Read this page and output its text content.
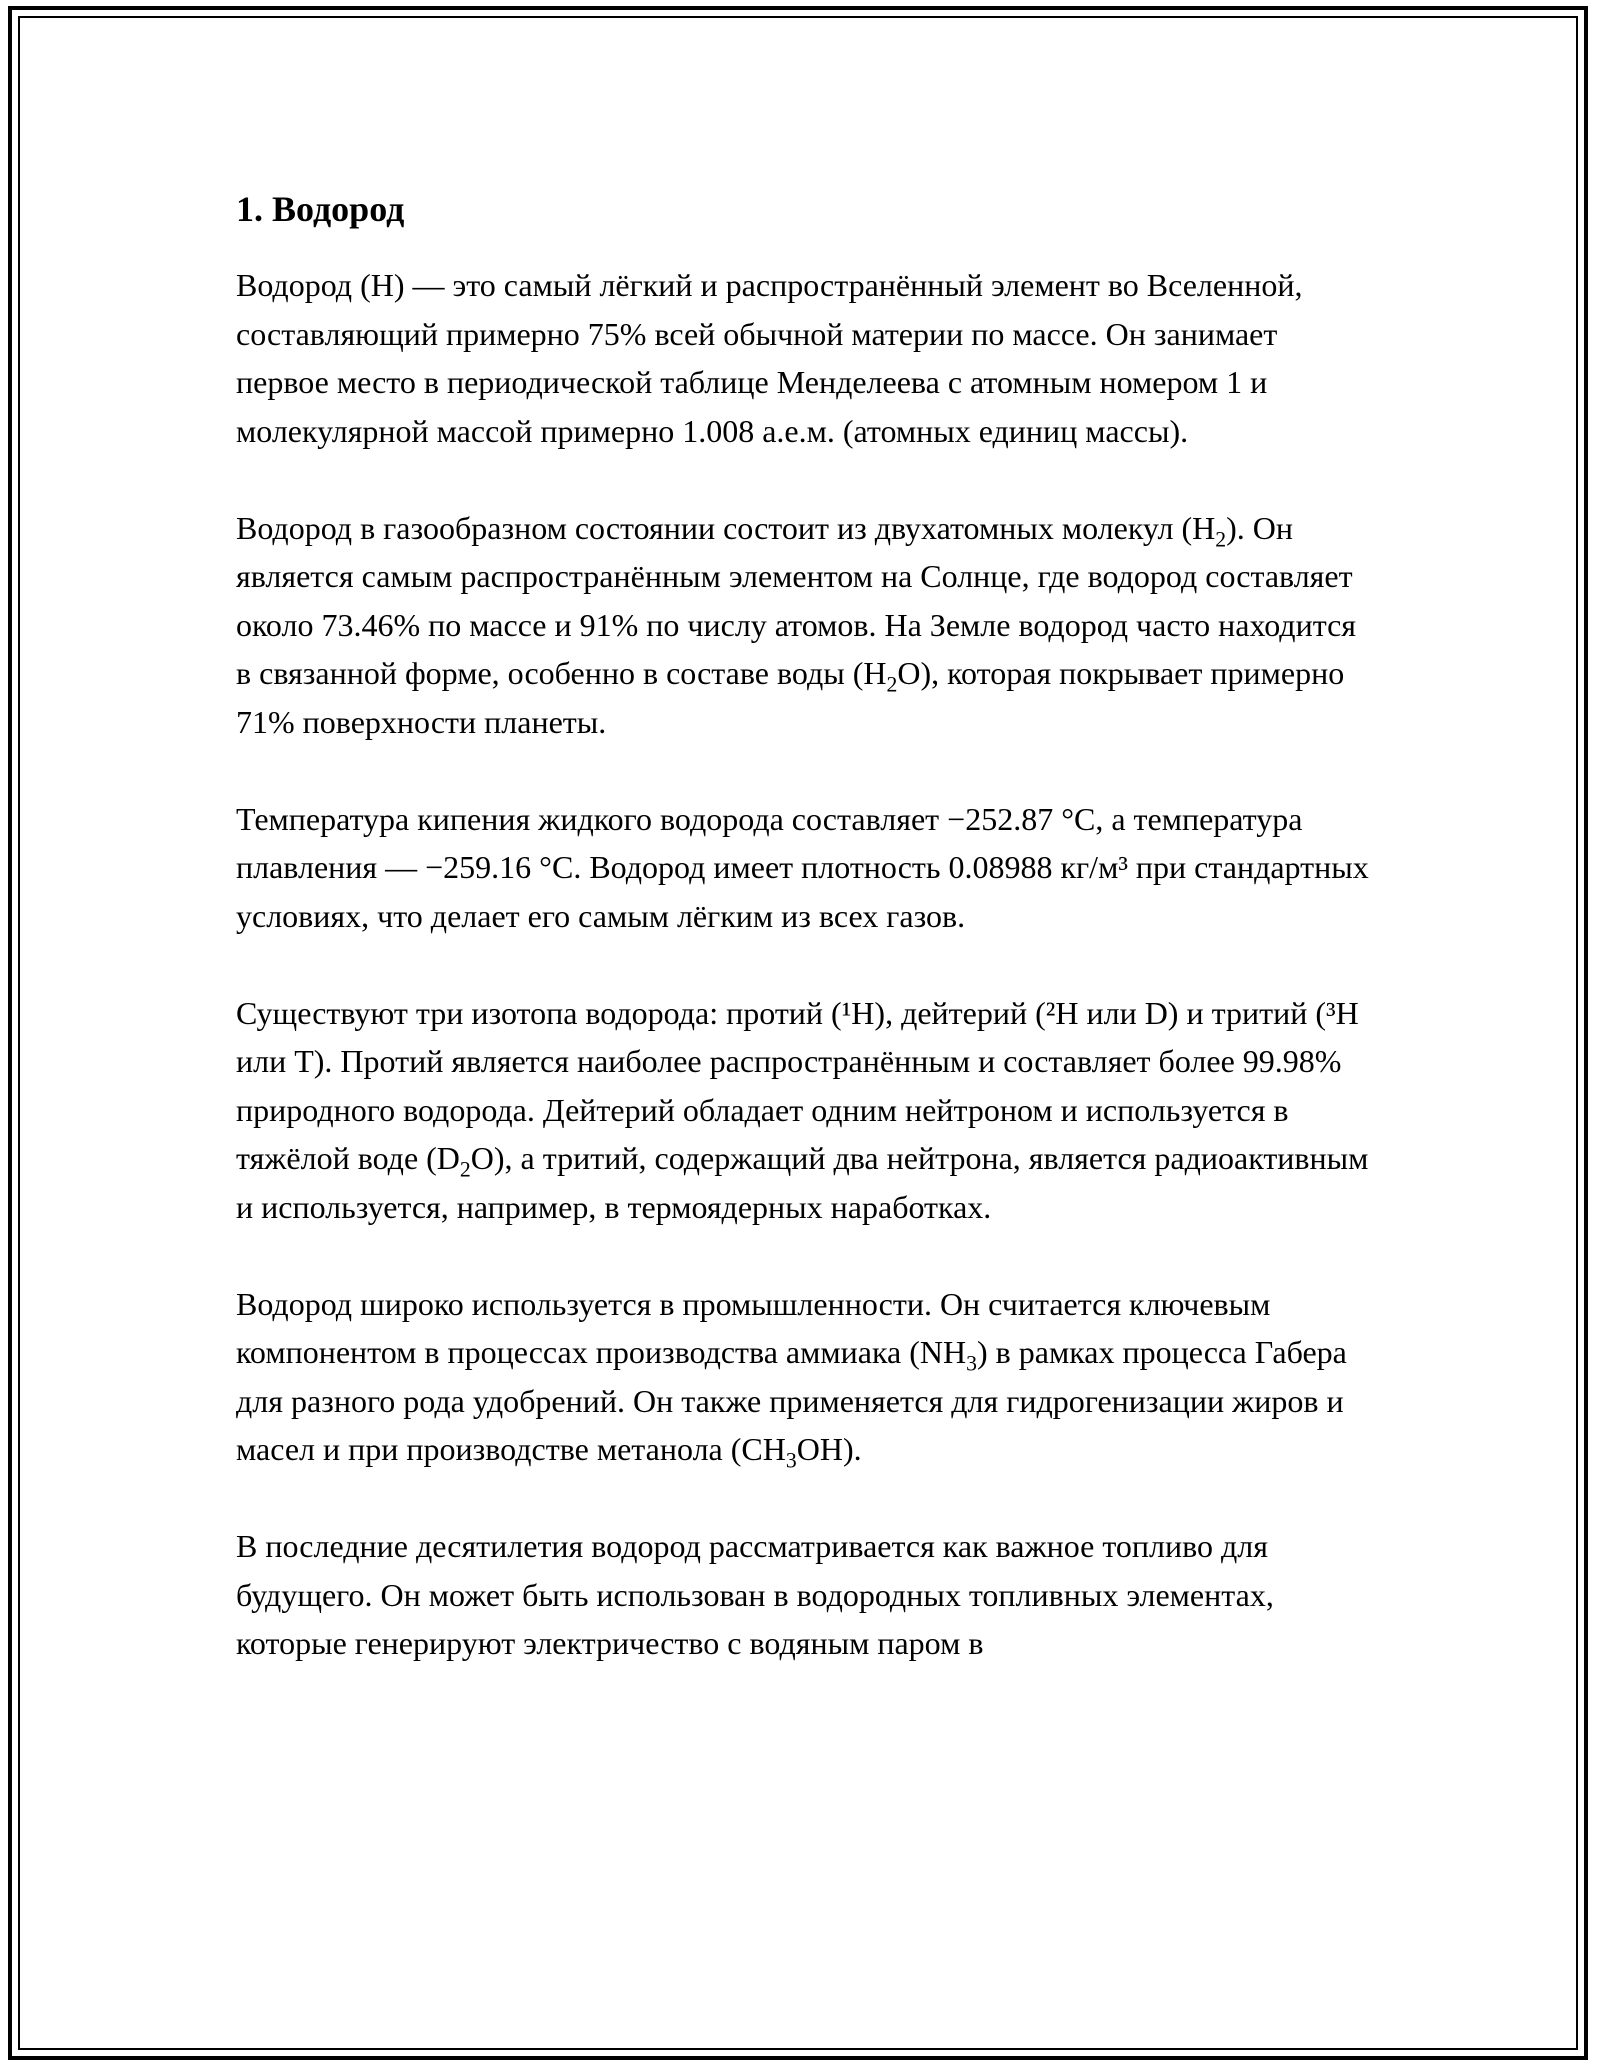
1. Водород

Водород (H) — это самый лёгкий и распространённый элемент во Вселенной, составляющий примерно 75% всей обычной материи по массе. Он занимает первое место в периодической таблице Менделеева с атомным номером 1 и молекулярной массой примерно 1.008 а.е.м. (атомных единиц массы).

Водород в газообразном состоянии состоит из двухатомных молекул $(H_2)$. Он является самым распространённым элементом на Солнце, где водород составляет около 73.46% по массе и 91% по числу атомов. На Земле водород часто находится в связанной форме, особенно в составе воды $(H_2O)$, которая покрывает примерно 71% поверхности планеты.

Температура кипения жидкого водорода составляет −252.87 °C, а температура плавления — −259.16 °C. Водород имеет плотность 0.08988 кг/м³ при стандартных условиях, что делает его самым лёгким из всех газов.

Существуют три изотопа водорода: протий (¹H), дейтерий (²H или D) и тритий (³H или T). Протий является наиболее распространённым и составляет более 99.98% природного водорода. Дейтерий обладает одним нейтроном и используется в тяжёлой воде $(D_2O)$, а тритий, содержащий два нейтрона, является радиоактивным и используется, например, в термоядерных наработках.

Водород широко используется в промышленности. Он считается ключевым компонентом в процессах производства аммиака $(NH_3)$ в рамках процесса Габера для разного рода удобрений. Он также применяется для гидрогенизации жиров и масел и при производстве метанола $(CH_3OH)$.

В последние десятилетия водород рассматривается как важное топливо для будущего. Он может быть использован в водородных топливных элементах, которые генерируют электричество с водяным паром в
